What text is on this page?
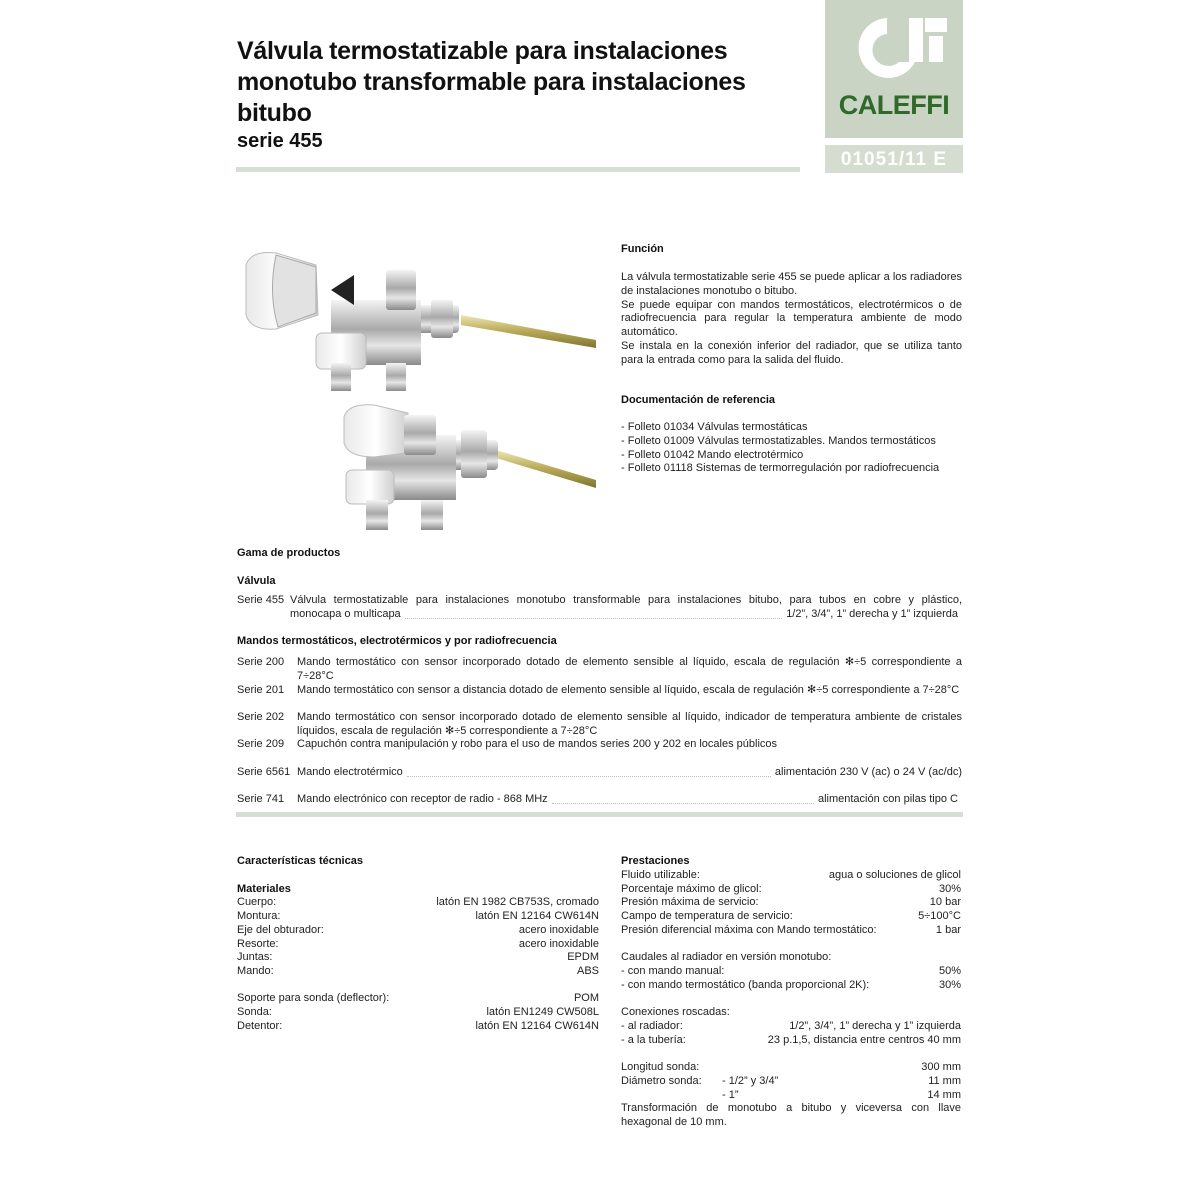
Válvula termostatizable para instalaciones
monotubo transformable para instalaciones
bitubo
serie 455
CALEFFI
01051/11 E
Función
La válvula termostatizable serie 455 se puede aplicar a los radiadores de instalaciones monotubo o bitubo.
Se puede equipar con mandos termostáticos, electrotérmicos o de radiofrecuencia para regular la temperatura ambiente de modo automático.
Se instala en la conexión inferior del radiador, que se utiliza tanto para la entrada como para la salida del fluido.
Documentación de referencia
- Folleto 01034 Válvulas termostáticas
- Folleto 01009 Válvulas termostatizables. Mandos termostáticos
- Folleto 01042 Mando electrotérmico
- Folleto 01118 Sistemas de termorregulación por radiofrecuencia
Gama de productos
Válvula
Serie 455 Válvula termostatizable para instalaciones monotubo transformable para instalaciones bitubo, para tubos en cobre y plástico,
monocapa o multicapa	1/2”, 3/4”, 1” derecha y 1” izquierda
Mandos termostáticos, electrotérmicos y por radiofrecuencia
Serie 200 Mando termostático con sensor incorporado dotado de elemento sensible al líquido, escala de regulación ✻÷5 correspondiente a 7÷28°C
Serie 201 Mando termostático con sensor a distancia dotado de elemento sensible al líquido, escala de regulación ✻÷5 correspondiente a 7÷28°C
Serie 202 Mando termostático con sensor incorporado dotado de elemento sensible al líquido, indicador de temperatura ambiente de cristales líquidos, escala de regulación ✻÷5 correspondiente a 7÷28°C
Serie 209 Capuchón contra manipulación y robo para el uso de mandos series 200 y 202 en locales públicos
Serie 6561 Mando electrotérmico	alimentación 230 V (ac) o 24 V (ac/dc)
Serie 741 Mando electrónico con receptor de radio - 868 MHz	alimentación con pilas tipo C
Características técnicas
Materiales
Cuerpo:	latón EN 1982 CB753S, cromado
Montura:	latón EN 12164 CW614N
Eje del obturador:	acero inoxidable
Resorte:	acero inoxidable
Juntas:	EPDM
Mando:	ABS
Soporte para sonda (deflector):	POM
Sonda:	latón EN1249 CW508L
Detentor:	latón EN 12164 CW614N
Prestaciones
Fluido utilizable:	agua o soluciones de glicol
Porcentaje máximo de glicol:	30%
Presión máxima de servicio:	10 bar
Campo de temperatura de servicio:	5÷100°C
Presión diferencial máxima con Mando termostático:	1 bar
Caudales al radiador en versión monotubo:
- con mando manual:	50%
- con mando termostático (banda proporcional 2K):	30%
Conexiones roscadas:
- al radiador:	1/2”, 3/4”, 1” derecha y 1” izquierda
- a la tubería:	23 p.1,5, distancia entre centros 40 mm
Longitud sonda:	300 mm
Diámetro sonda: - 1/2” y 3/4”	11 mm
- 1”	14 mm
Transformación de monotubo a bitubo y viceversa con llave hexagonal de 10 mm.
